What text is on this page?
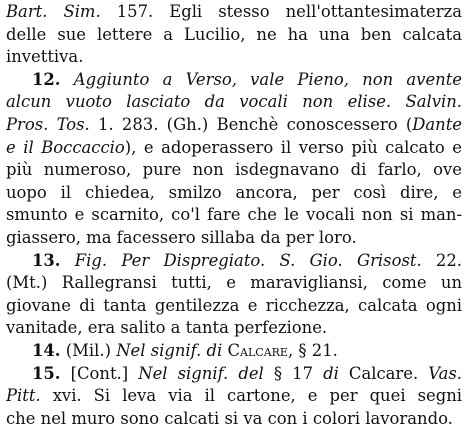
Bart. Sim. 157. Egli stesso nell'ottantesimaterza
delle sue lettere a Lucilio, ne ha una ben calcata
invettiva.
12. Aggiunto a Verso, vale Pieno, non avente
alcun vuoto lasciato da vocali non elise. Salvin.
Pros. Tos. 1. 283. (Gh.) Benchè conoscessero (Dante
e il Boccaccio), e adoperassero il verso più calcato e
più numeroso, pure non isdegnavano di farlo, ove
uopo il chiedea, smilzo ancora, per così dire, e
smunto e scarnito, co'l fare che le vocali non si man-
giassero, ma facessero sillaba da per loro.
13. Fig. Per Dispregiato. S. Gio. Grisost. 22.
(Mt.) Rallegransi tutti, e maravigliansi, come un
giovane di tanta gentilezza e ricchezza, calcata ogni
vanitade, era salito a tanta perfezione.
14. (Mil.) Nel signif. di Calcare, § 21.
15. [Cont.] Nel signif. del § 17 di Calcare. Vas.
Pitt. xvi. Si leva via il cartone, e per quei segni
che nel muro sono calcati si va con i colori lavorando.
